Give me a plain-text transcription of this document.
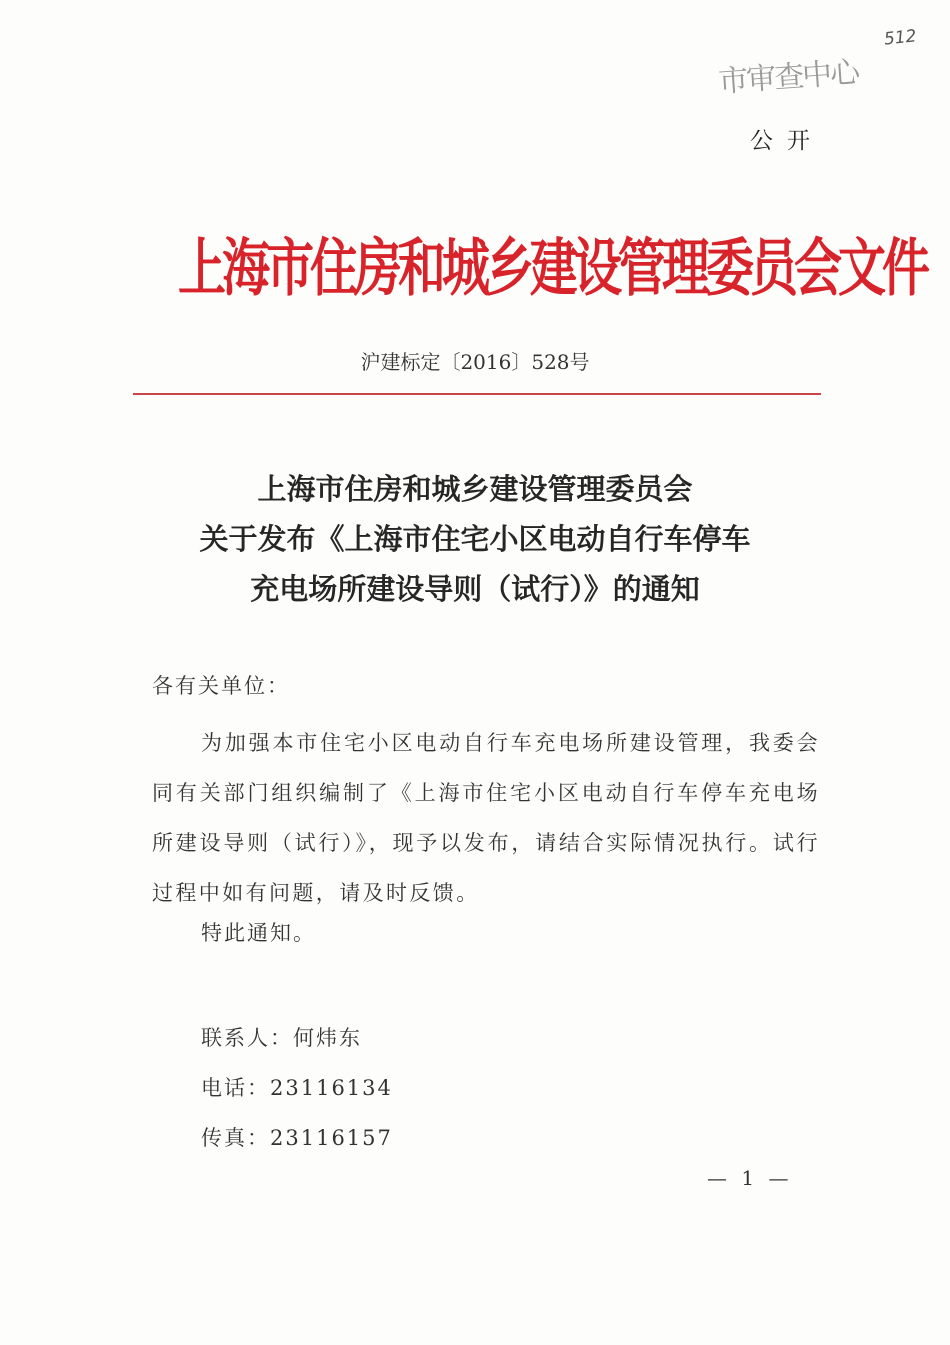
512
市审查中心
公开
上海市住房和城乡建设管理委员会文件
沪建标定〔2016〕528号
上海市住房和城乡建设管理委员会
关于发布《上海市住宅小区电动自行车停车
充电场所建设导则（试行）》的通知
各有关单位：
为加强本市住宅小区电动自行车充电场所建设管理，我委会同有关部门组织编制了《上海市住宅小区电动自行车停车充电场所建设导则（试行）》，现予以发布，请结合实际情况执行。试行过程中如有问题，请及时反馈。
特此通知。
联系人：何炜东
电话：23116134
传真：23116157
— 1 —
